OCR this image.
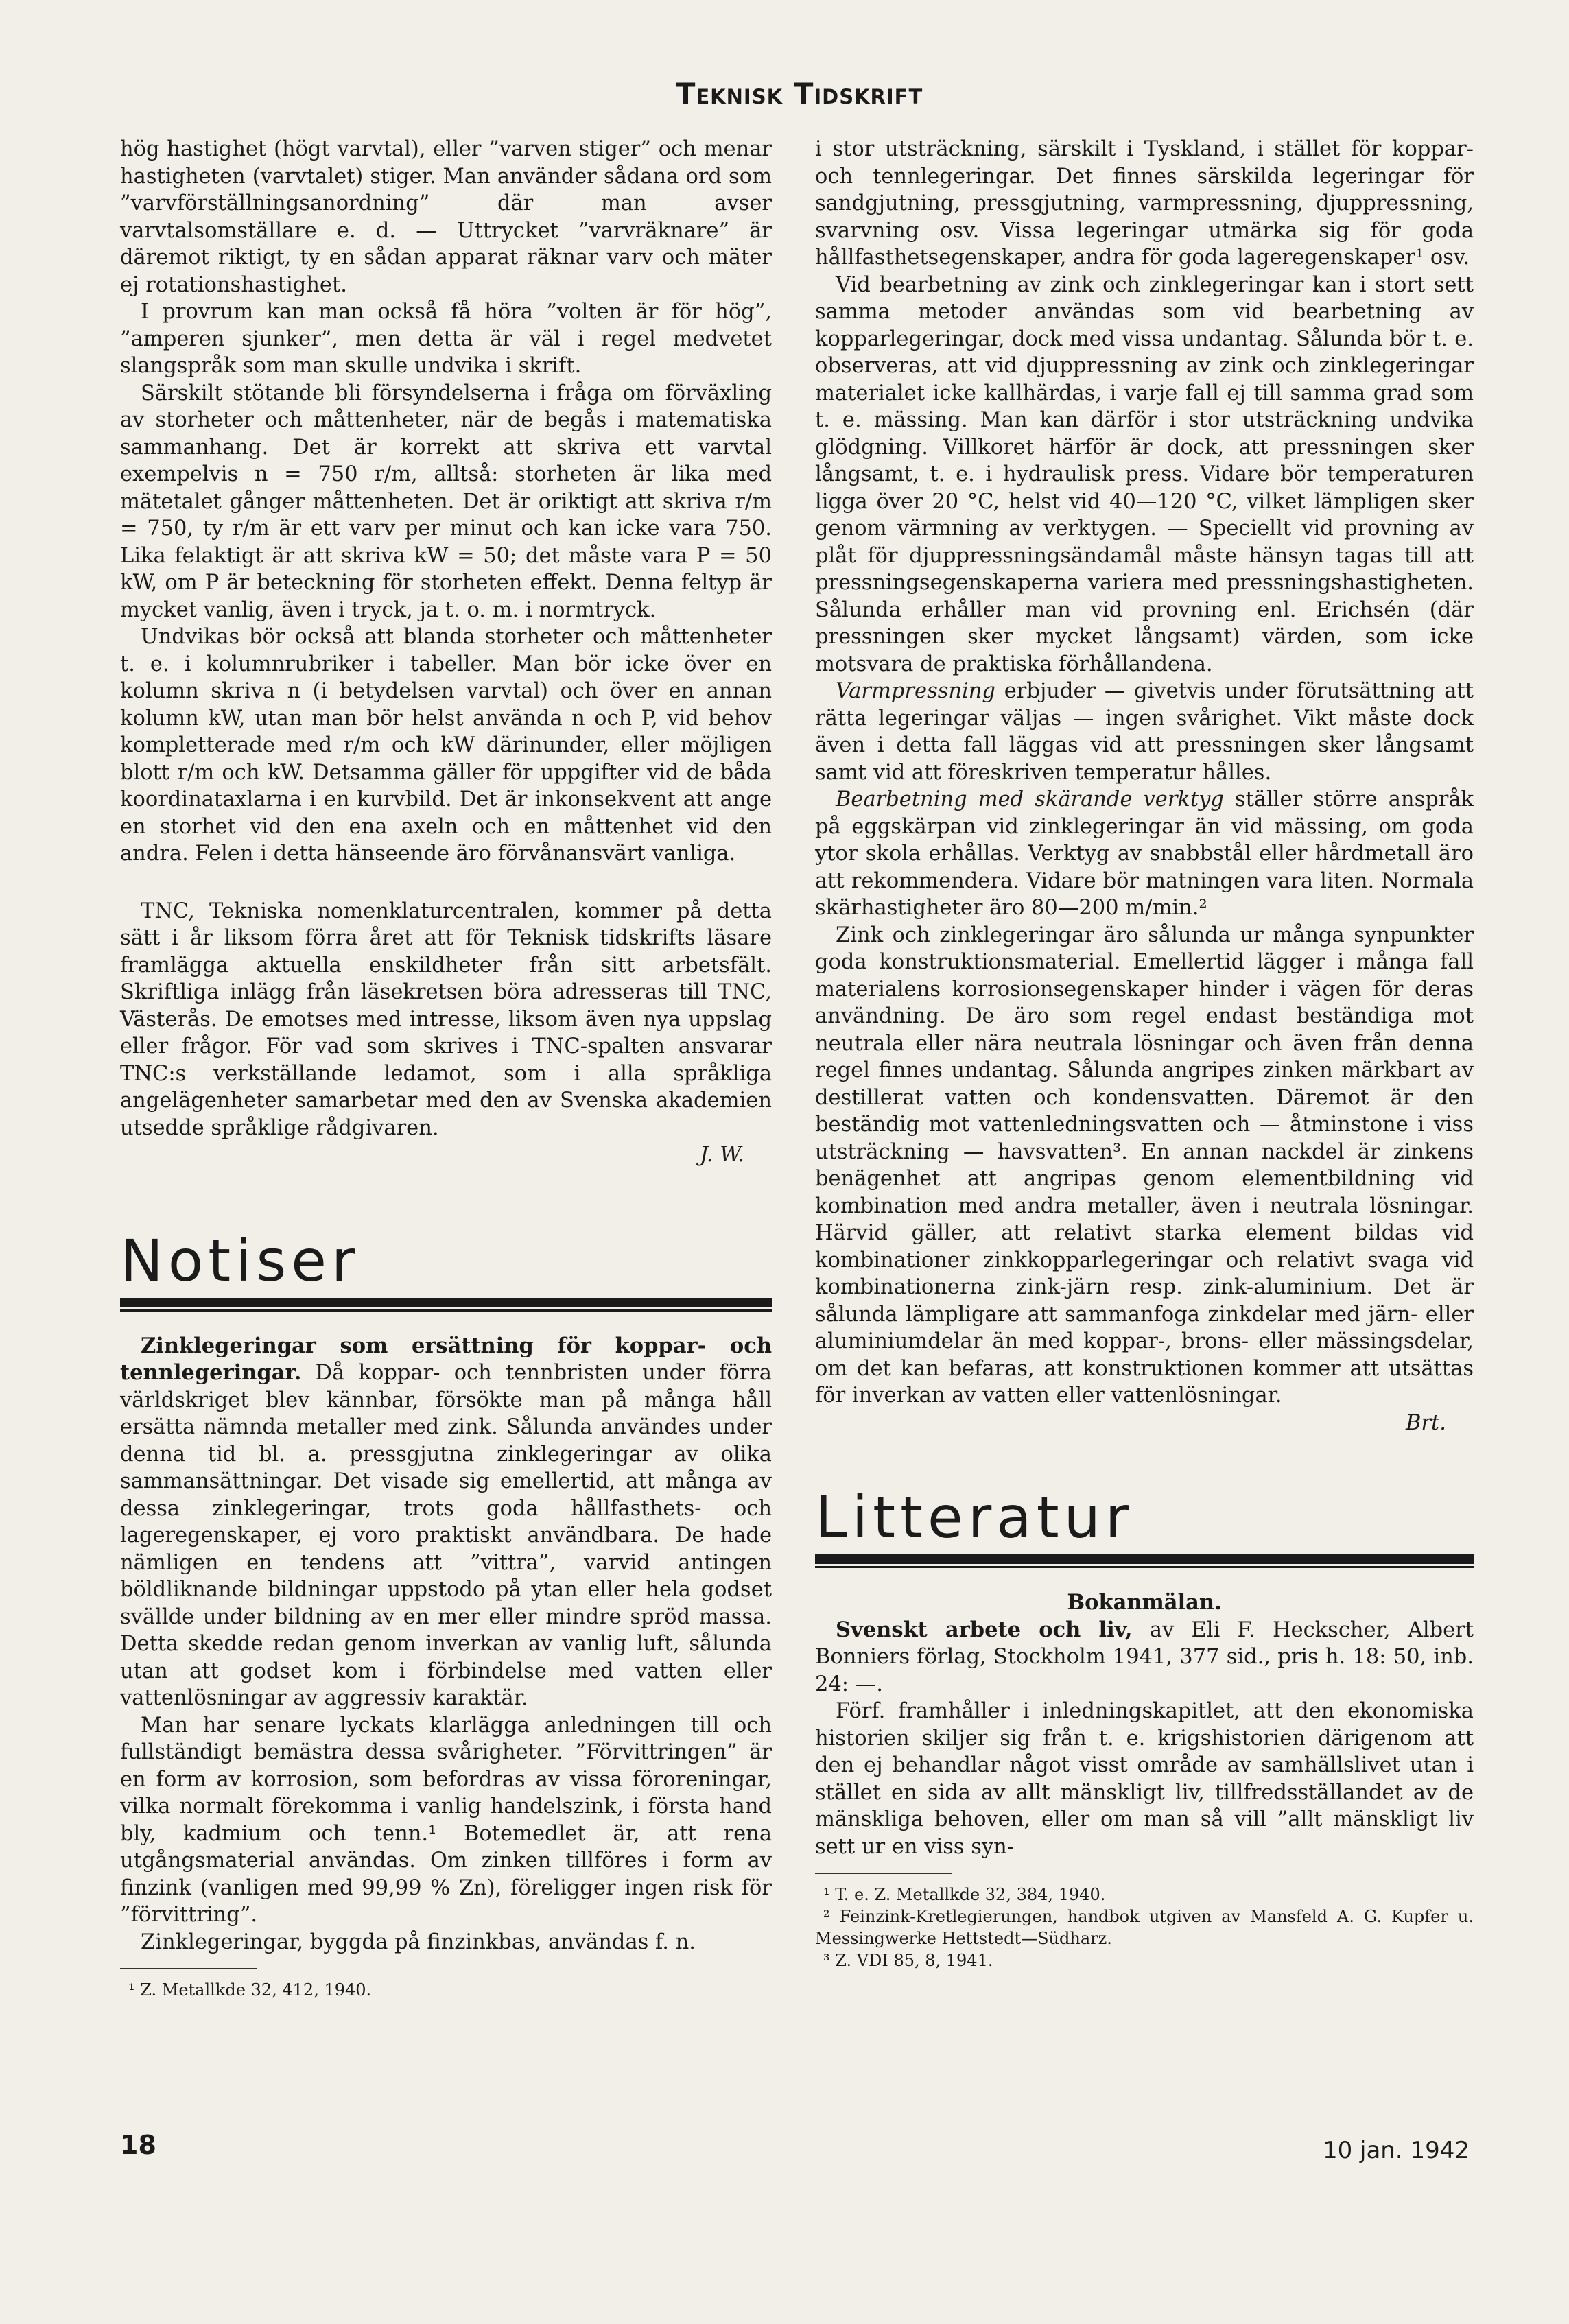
Teknisk Tidskrift

hög hastighet (högt varvtal), eller ”varven stiger” och menar hastigheten (varvtalet) stiger. Man använder sådana ord som ”varvförställningsanordning” där man avser varvtalsomställare e. d. — Uttrycket ”varvräknare” är däremot riktigt, ty en sådan apparat räknar varv och mäter ej rotationshastighet.

I provrum kan man också få höra ”volten är för hög”, ”amperen sjunker”, men detta är väl i regel medvetet slangspråk som man skulle undvika i skrift.

Särskilt stötande bli försyndelserna i fråga om förväxling av storheter och måttenheter, när de begås i matematiska sammanhang. Det är korrekt att skriva ett varvtal exempelvis n = 750 r/m, alltså: storheten är lika med mätetalet gånger måttenheten. Det är oriktigt att skriva r/m = 750, ty r/m är ett varv per minut och kan icke vara 750. Lika felaktigt är att skriva kW = 50; det måste vara P = 50 kW, om P är beteckning för storheten effekt. Denna feltyp är mycket vanlig, även i tryck, ja t. o. m. i normtryck.

Undvikas bör också att blanda storheter och måttenheter t. e. i kolumnrubriker i tabeller. Man bör icke över en kolumn skriva n (i betydelsen varvtal) och över en annan kolumn kW, utan man bör helst använda n och P, vid behov kompletterade med r/m och kW därinunder, eller möjligen blott r/m och kW. Detsamma gäller för uppgifter vid de båda koordinataxlarna i en kurvbild. Det är inkonsekvent att ange en storhet vid den ena axeln och en måttenhet vid den andra. Felen i detta hänseende äro förvånansvärt vanliga.

TNC, Tekniska nomenklaturcentralen, kommer på detta sätt i år liksom förra året att för Teknisk tidskrifts läsare framlägga aktuella enskildheter från sitt arbetsfält. Skriftliga inlägg från läsekretsen böra adresseras till TNC, Västerås. De emotses med intresse, liksom även nya uppslag eller frågor. För vad som skrives i TNC-spalten ansvarar TNC:s verkställande ledamot, som i alla språkliga angelägenheter samarbetar med den av Svenska akademien utsedde språklige rådgivaren.

J. W.
Notiser

Zinklegeringar som ersättning för koppar- och tennlegeringar. Då koppar- och tennbristen under förra världskriget blev kännbar, försökte man på många håll ersätta nämnda metaller med zink. Sålunda användes under denna tid bl. a. pressgjutna zinklegeringar av olika sammansättningar. Det visade sig emellertid, att många av dessa zinklegeringar, trots goda hållfasthets- och lageregenskaper, ej voro praktiskt användbara. De hade nämligen en tendens att ”vittra”, varvid antingen böldliknande bildningar uppstodo på ytan eller hela godset svällde under bildning av en mer eller mindre spröd massa. Detta skedde redan genom inverkan av vanlig luft, sålunda utan att godset kom i förbindelse med vatten eller vattenlösningar av aggressiv karaktär.

Man har senare lyckats klarlägga anledningen till och fullständigt bemästra dessa svårigheter. ”Förvittringen” är en form av korrosion, som befordras av vissa föroreningar, vilka normalt förekomma i vanlig handelszink, i första hand bly, kadmium och tenn.¹ Botemedlet är, att rena utgångsmaterial användas. Om zinken tillföres i form av finzink (vanligen med 99,99 % Zn), föreligger ingen risk för ”förvittring”.

Zinklegeringar, byggda på finzinkbas, användas f. n.

¹ Z. Metallkde 32, 412, 1940.

i stor utsträckning, särskilt i Tyskland, i stället för koppar- och tennlegeringar. Det finnes särskilda legeringar för sandgjutning, pressgjutning, varmpressning, djuppressning, svarvning osv. Vissa legeringar utmärka sig för goda hållfasthetsegenskaper, andra för goda lageregenskaper¹ osv.

Vid bearbetning av zink och zinklegeringar kan i stort sett samma metoder användas som vid bearbetning av kopparlegeringar, dock med vissa undantag. Sålunda bör t. e. observeras, att vid djuppressning av zink och zinklegeringar materialet icke kallhärdas, i varje fall ej till samma grad som t. e. mässing. Man kan därför i stor utsträckning undvika glödgning. Villkoret härför är dock, att pressningen sker långsamt, t. e. i hydraulisk press. Vidare bör temperaturen ligga över 20 °C, helst vid 40—120 °C, vilket lämpligen sker genom värmning av verktygen. — Speciellt vid provning av plåt för djuppressningsändamål måste hänsyn tagas till att pressningsegenskaperna variera med pressningshastigheten. Sålunda erhåller man vid provning enl. Erichsén (där pressningen sker mycket långsamt) värden, som icke motsvara de praktiska förhållandena.

Varmpressning erbjuder — givetvis under förutsättning att rätta legeringar väljas — ingen svårighet. Vikt måste dock även i detta fall läggas vid att pressningen sker långsamt samt vid att föreskriven temperatur hålles.

Bearbetning med skärande verktyg ställer större anspråk på eggskärpan vid zinklegeringar än vid mässing, om goda ytor skola erhållas. Verktyg av snabbstål eller hårdmetall äro att rekommendera. Vidare bör matningen vara liten. Normala skärhastigheter äro 80—200 m/min.²

Zink och zinklegeringar äro sålunda ur många synpunkter goda konstruktionsmaterial. Emellertid lägger i många fall materialens korrosionsegenskaper hinder i vägen för deras användning. De äro som regel endast beständiga mot neutrala eller nära neutrala lösningar och även från denna regel finnes undantag. Sålunda angripes zinken märkbart av destillerat vatten och kondensvatten. Däremot är den beständig mot vattenledningsvatten och — åtminstone i viss utsträckning — havsvatten³. En annan nackdel är zinkens benägenhet att angripas genom elementbildning vid kombination med andra metaller, även i neutrala lösningar. Härvid gäller, att relativt starka element bildas vid kombinationer zinkkopparlegeringar och relativt svaga vid kombinationerna zink-järn resp. zink-aluminium. Det är sålunda lämpligare att sammanfoga zinkdelar med järn- eller aluminiumdelar än med koppar-, brons- eller mässingsdelar, om det kan befaras, att konstruktionen kommer att utsättas för inverkan av vatten eller vattenlösningar.

Brt.
Litteratur

Bokanmälan.

Svenskt arbete och liv, av Eli F. Heckscher, Albert Bonniers förlag, Stockholm 1941, 377 sid., pris h. 18: 50, inb. 24: —.

Förf. framhåller i inledningskapitlet, att den ekonomiska historien skiljer sig från t. e. krigshistorien därigenom att den ej behandlar något visst område av samhällslivet utan i stället en sida av allt mänskligt liv, tillfredsställandet av de mänskliga behoven, eller om man så vill ”allt mänskligt liv sett ur en viss syn-

¹ T. e. Z. Metallkde 32, 384, 1940.

² Feinzink-Kretlegierungen, handbok utgiven av Mansfeld A. G. Kupfer u. Messingwerke Hettstedt—Südharz.

³ Z. VDI 85, 8, 1941.

18	10 jan. 1942
